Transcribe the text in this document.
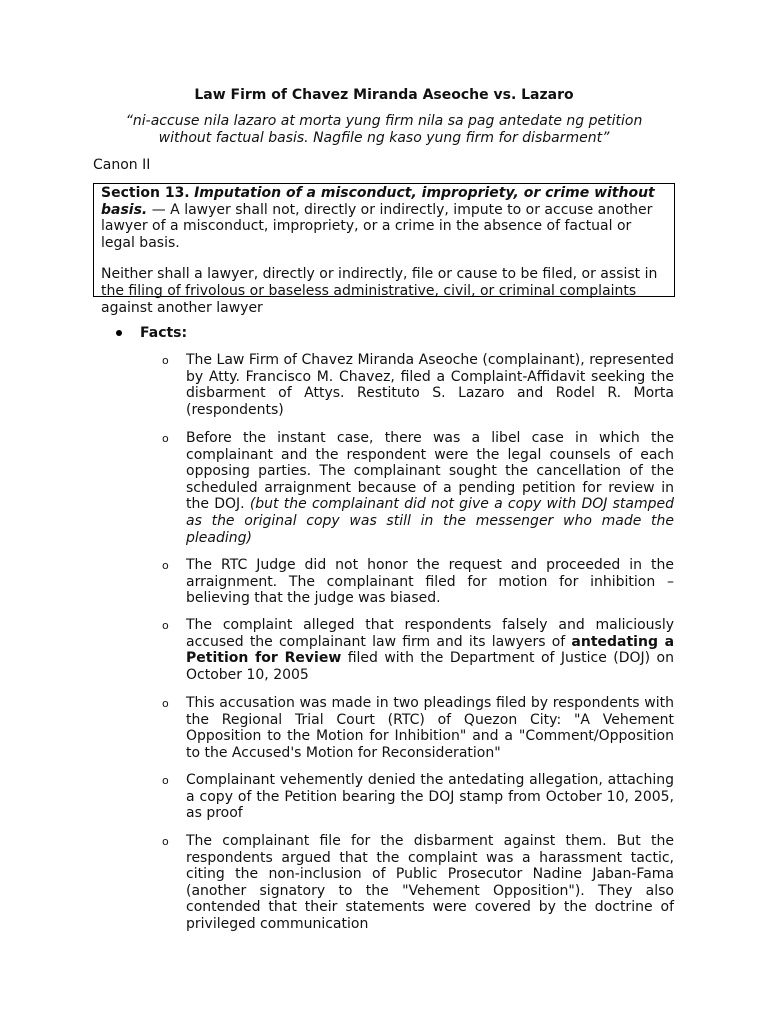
Law Firm of Chavez Miranda Aseoche vs. Lazaro
“ni-accuse nila lazaro at morta yung firm nila sa pag antedate ng petition without factual basis. Nagfile ng kaso yung firm for disbarment”
Canon II

Section 13. Imputation of a misconduct, impropriety, or crime without basis. — A lawyer shall not, directly or indirectly, impute to or accuse another lawyer of a misconduct, impropriety, or a crime in the absence of factual or legal basis.

Neither shall a lawyer, directly or indirectly, file or cause to be filed, or assist in the filing of frivolous or baseless administrative, civil, or criminal complaints against another lawyer

Facts:
o	The Law Firm of Chavez Miranda Aseoche (complainant), represented by Atty. Francisco M. Chavez, filed a Complaint-Affidavit seeking the disbarment of Attys. Restituto S. Lazaro and Rodel R. Morta (respondents)
o	Before the instant case, there was a libel case in which the complainant and the respondent were the legal counsels of each opposing parties. The complainant sought the cancellation of the scheduled arraignment because of a pending petition for review in the DOJ. (but the complainant did not give a copy with DOJ stamped as the original copy was still in the messenger who made the pleading)
o	The RTC Judge did not honor the request and proceeded in the arraignment. The complainant filed for motion for inhibition – believing that the judge was biased.
o	The complaint alleged that respondents falsely and maliciously accused the complainant law firm and its lawyers of antedating a Petition for Review filed with the Department of Justice (DOJ) on October 10, 2005
o	This accusation was made in two pleadings filed by respondents with the Regional Trial Court (RTC) of Quezon City: "A Vehement Opposition to the Motion for Inhibition" and a "Comment/Opposition to the Accused's Motion for Reconsideration"
o	Complainant vehemently denied the antedating allegation, attaching a copy of the Petition bearing the DOJ stamp from October 10, 2005, as proof
o	The complainant file for the disbarment against them. But the respondents argued that the complaint was a harassment tactic, citing the non-inclusion of Public Prosecutor Nadine Jaban-Fama (another signatory to the "Vehement Opposition"). They also contended that their statements were covered by the doctrine of privileged communication
